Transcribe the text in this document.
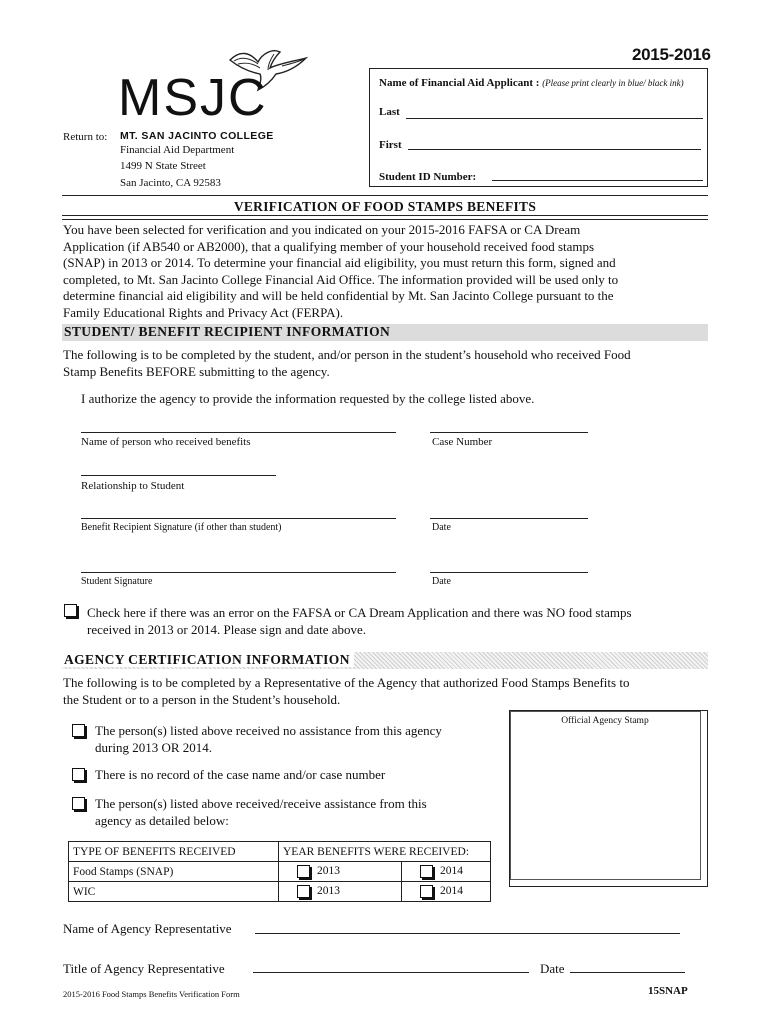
2015-2016
MSJC
Return to: MT. SAN JACINTO COLLEGE
Financial Aid Department
1499 N State Street
San Jacinto, CA 92583
Name of Financial Aid Applicant : (Please print clearly in blue/ black ink)
Last
First
Student ID Number:
VERIFICATION OF FOOD STAMPS BENEFITS
You have been selected for verification and you indicated on your 2015-2016 FAFSA or CA Dream
Application (if AB540 or AB2000), that a qualifying member of your household received food stamps
(SNAP) in 2013 or 2014. To determine your financial aid eligibility, you must return this form, signed and
completed, to Mt. San Jacinto College Financial Aid Office. The information provided will be used only to
determine financial aid eligibility and will be held confidential by Mt. San Jacinto College pursuant to the
Family Educational Rights and Privacy Act (FERPA).
STUDENT/ BENEFIT RECIPIENT INFORMATION
The following is to be completed by the student, and/or person in the student’s household who received Food
Stamp Benefits BEFORE submitting to the agency.
I authorize the agency to provide the information requested by the college listed above.
Name of person who received benefits	Case Number
Relationship to Student
Benefit Recipient Signature (if other than student)	Date
Student Signature	Date
Check here if there was an error on the FAFSA or CA Dream Application and there was NO food stamps
received in 2013 or 2014. Please sign and date above.
AGENCY CERTIFICATION INFORMATION
The following is to be completed by a Representative of the Agency that authorized Food Stamps Benefits to
the Student or to a person in the Student’s household.
Official Agency Stamp
The person(s) listed above received no assistance from this agency
during 2013 OR 2014.
There is no record of the case name and/or case number
The person(s) listed above received/receive assistance from this
agency as detailed below:
TYPE OF BENEFITS RECEIVED	YEAR BENEFITS WERE RECEIVED:	
Food Stamps (SNAP)	2013	2014
WIC	2013	2014
Name of Agency Representative
Title of Agency Representative	Date
2015-2016 Food Stamps Benefits Verification Form	15SNAP
